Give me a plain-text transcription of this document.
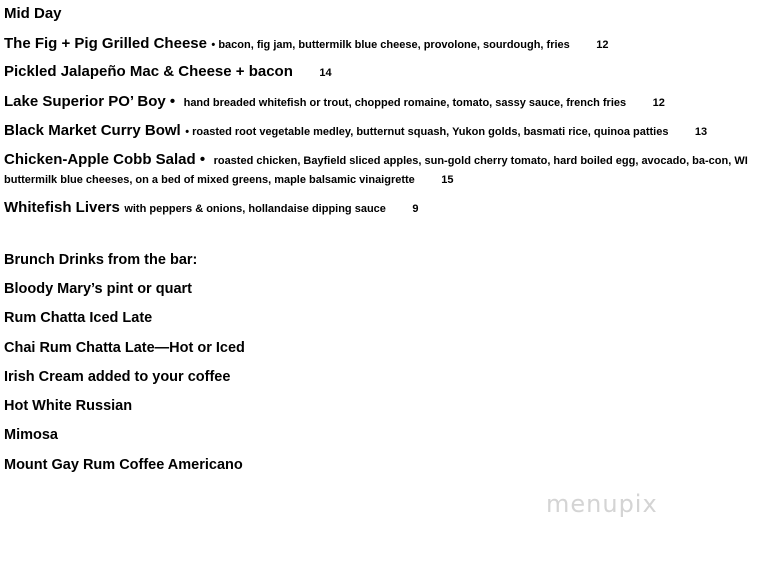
Mid Day
The Fig + Pig Grilled Cheese • bacon, fig jam, buttermilk blue cheese, provolone, sourdough, fries 12
Pickled Jalapeño Mac & Cheese + bacon 14
Lake Superior PO’ Boy • hand breaded whitefish or trout, chopped romaine, tomato, sassy sauce, french fries 12
Black Market Curry Bowl • roasted root vegetable medley, butternut squash, Yukon golds, basmati rice, quinoa patties 13
Chicken-Apple Cobb Salad • roasted chicken, Bayfield sliced apples, sun-gold cherry tomato, hard boiled egg, avocado, ba-con, WI buttermilk blue cheeses, on a bed of mixed greens, maple balsamic vinaigrette 15
Whitefish Livers with peppers & onions, hollandaise dipping sauce 9
Brunch Drinks from the bar:
Bloody Mary’s pint or quart
Rum Chatta Iced Late
Chai Rum Chatta Late—Hot or Iced
Irish Cream added to your coffee
Hot White Russian
Mimosa
Mount Gay Rum Coffee Americano
menupix
